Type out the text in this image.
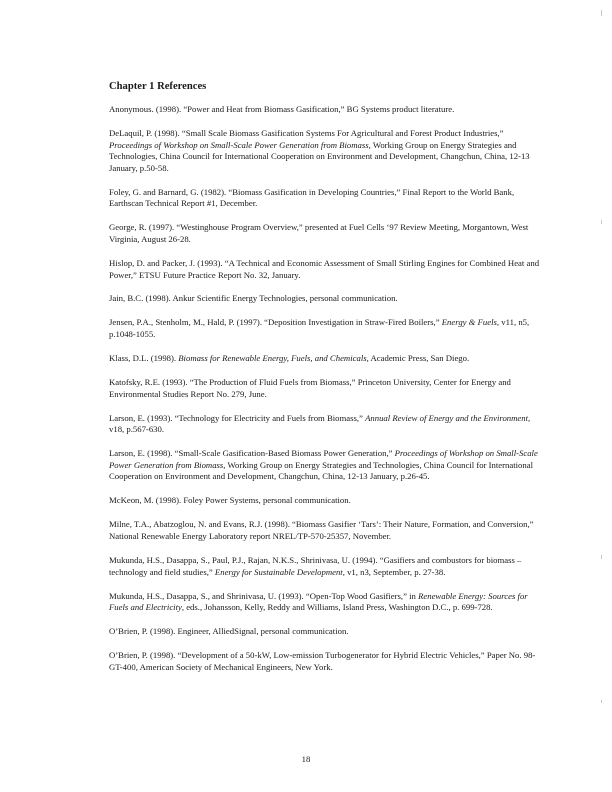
Chapter 1 References
Anonymous. (1998). “Power and Heat from Biomass Gasification,” BG Systems product literature.
DeLaquil, P. (1998). “Small Scale Biomass Gasification Systems For Agricultural and Forest Product Industries,” Proceedings of Workshop on Small-Scale Power Generation from Biomass, Working Group on Energy Strategies and Technologies, China Council for International Cooperation on Environment and Development, Changchun, China, 12-13 January, p.50-58.
Foley, G. and Barnard, G. (1982). “Biomass Gasification in Developing Countries,” Final Report to the World Bank, Earthscan Technical Report #1, December.
George, R. (1997). “Westinghouse Program Overview,” presented at Fuel Cells ‘97 Review Meeting, Morgantown, West Virginia, August 26-28.
Hislop, D. and Packer, J. (1993). “A Technical and Economic Assessment of Small Stirling Engines for Combined Heat and Power,” ETSU Future Practice Report No. 32, January.
Jain, B.C. (1998). Ankur Scientific Energy Technologies, personal communication.
Jensen, P.A., Stenholm, M., Hald, P. (1997). “Deposition Investigation in Straw-Fired Boilers,” Energy & Fuels, v11, n5, p.1048-1055.
Klass, D.L. (1998). Biomass for Renewable Energy, Fuels, and Chemicals, Academic Press, San Diego.
Katofsky, R.E. (1993). “The Production of Fluid Fuels from Biomass,” Princeton University, Center for Energy and Environmental Studies Report No. 279, June.
Larson, E. (1993). “Technology for Electricity and Fuels from Biomass,” Annual Review of Energy and the Environment, v18, p.567-630.
Larson, E. (1998). “Small-Scale Gasification-Based Biomass Power Generation,” Proceedings of Workshop on Small-Scale Power Generation from Biomass, Working Group on Energy Strategies and Technologies, China Council for International Cooperation on Environment and Development, Changchun, China, 12-13 January, p.26-45.
McKeon, M. (1998). Foley Power Systems, personal communication.
Milne, T.A., Abatzoglou, N. and Evans, R.J. (1998). “Biomass Gasifier ‘Tars’: Their Nature, Formation, and Conversion,” National Renewable Energy Laboratory report NREL/TP-570-25357, November.
Mukunda, H.S., Dasappa, S., Paul, P.J., Rajan, N.K.S., Shrinivasa, U. (1994). “Gasifiers and combustors for biomass – technology and field studies,” Energy for Sustainable Development, v1, n3, September, p. 27-38.
Mukunda, H.S., Dasappa, S., and Shrinivasa, U. (1993). “Open-Top Wood Gasifiers,” in Renewable Energy: Sources for Fuels and Electricity, eds., Johansson, Kelly, Reddy and Williams, Island Press, Washington D.C., p. 699-728.
O’Brien, P. (1998). Engineer, AlliedSignal, personal communication.
O’Brien, P. (1998). “Development of a 50-kW, Low-emission Turbogenerator for Hybrid Electric Vehicles,” Paper No. 98-GT-400, American Society of Mechanical Engineers, New York.
18
